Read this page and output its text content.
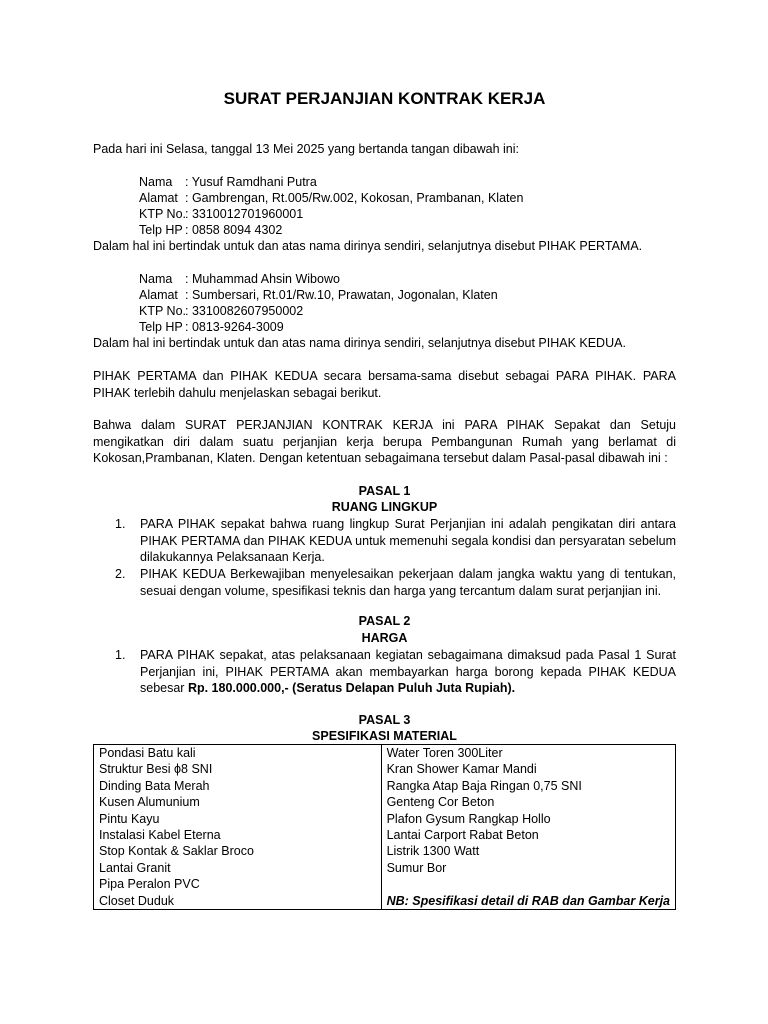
SURAT PERJANJIAN KONTRAK KERJA
Pada hari ini Selasa, tanggal 13 Mei 2025 yang bertanda tangan dibawah ini:
Nama : Yusuf Ramdhani Putra
Alamat : Gambrengan, Rt.005/Rw.002, Kokosan, Prambanan, Klaten
KTP No.: 3310012701960001
Telp HP : 0858 8094 4302
Dalam hal ini bertindak untuk dan atas nama dirinya sendiri, selanjutnya disebut PIHAK PERTAMA.
Nama : Muhammad Ahsin Wibowo
Alamat : Sumbersari, Rt.01/Rw.10, Prawatan, Jogonalan, Klaten
KTP No.: 3310082607950002
Telp HP : 0813-9264-3009
Dalam hal ini bertindak untuk dan atas nama dirinya sendiri, selanjutnya disebut PIHAK KEDUA.
PIHAK PERTAMA dan PIHAK KEDUA secara bersama-sama disebut sebagai PARA PIHAK. PARA PIHAK terlebih dahulu menjelaskan sebagai berikut.
Bahwa dalam SURAT PERJANJIAN KONTRAK KERJA ini PARA PIHAK Sepakat dan Setuju mengikatkan diri dalam suatu perjanjian kerja berupa Pembangunan Rumah yang berlamat di Kokosan,Prambanan, Klaten. Dengan ketentuan sebagaimana tersebut dalam Pasal-pasal dibawah ini :
PASAL 1
RUANG LINGKUP
1. PARA PIHAK sepakat bahwa ruang lingkup Surat Perjanjian ini adalah pengikatan diri antara PIHAK PERTAMA dan PIHAK KEDUA untuk memenuhi segala kondisi dan persyaratan sebelum dilakukannya Pelaksanaan Kerja.
2. PIHAK KEDUA Berkewajiban menyelesaikan pekerjaan dalam jangka waktu yang di tentukan, sesuai dengan volume, spesifikasi teknis dan harga yang tercantum dalam surat perjanjian ini.
PASAL 2
HARGA
1. PARA PIHAK sepakat, atas pelaksanaan kegiatan sebagaimana dimaksud pada Pasal 1 Surat Perjanjian ini, PIHAK PERTAMA akan membayarkan harga borong kepada PIHAK KEDUA sebesar Rp. 180.000.000,- (Seratus Delapan Puluh Juta Rupiah).
PASAL 3
SPESIFIKASI MATERIAL
Pondasi Batu kali
Struktur Besi ϕ8 SNI
Dinding Bata Merah
Kusen Alumunium
Pintu Kayu
Instalasi Kabel Eterna
Stop Kontak & Saklar Broco
Lantai Granit
Pipa Peralon PVC
Closet Duduk

Water Toren 300Liter
Kran Shower Kamar Mandi
Rangka Atap Baja Ringan 0,75 SNI
Genteng Cor Beton
Plafon Gysum Rangkap Hollo
Lantai Carport Rabat Beton
Listrik 1300 Watt
Sumur Bor

NB: Spesifikasi detail di RAB dan Gambar Kerja
